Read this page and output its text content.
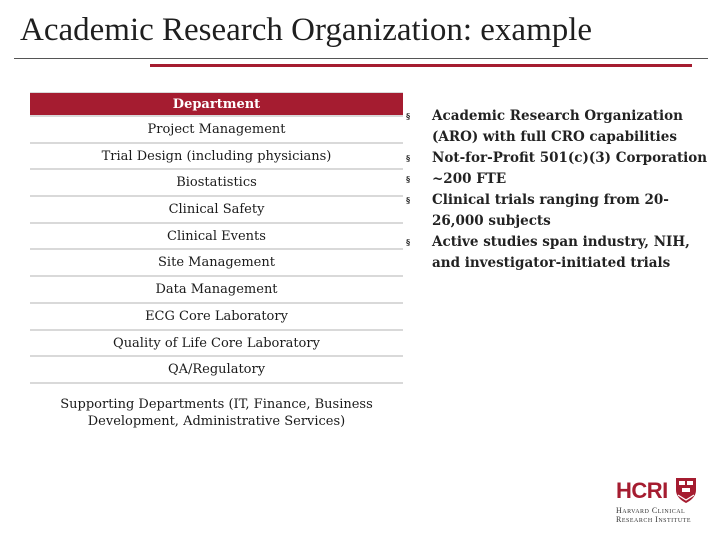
Academic Research Organization: example
Department
Project Management
Trial Design (including physicians)
Biostatistics
Clinical Safety
Clinical Events
Site Management
Data Management
ECG Core Laboratory
Quality of Life Core Laboratory
QA/Regulatory
Supporting Departments (IT, Finance, Business Development, Administrative Services)
§	Academic Research Organization (ARO) with full CRO capabilities
§	Not-for-Profit 501(c)(3) Corporation
§	~200 FTE
§	Clinical trials ranging from 20-26,000 subjects
§	Active studies span industry, NIH, and investigator-initiated trials
HCRI
Harvard Clinical
Research Institute
